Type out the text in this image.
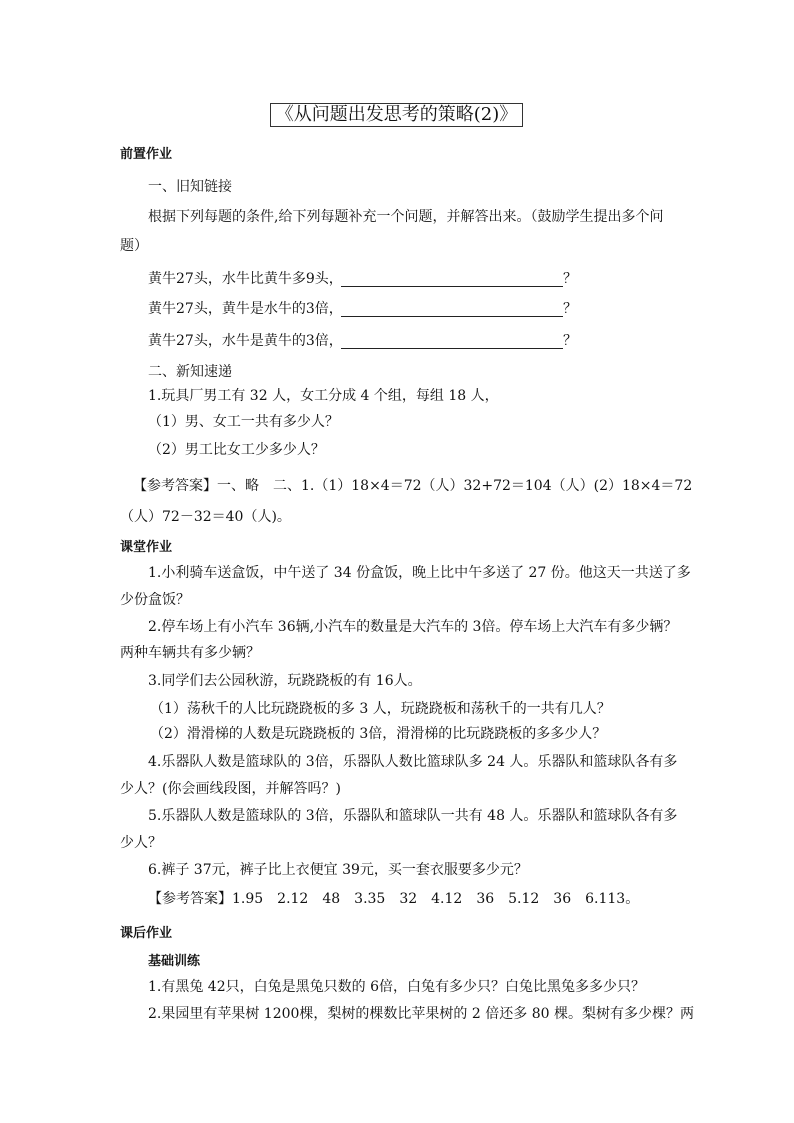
《从问题出发思考的策略(2)》
前置作业
一、旧知链接
根据下列每题的条件,给下列每题补充一个问题，并解答出来。（鼓励学生提出多个问
题）
黄牛27头，水牛比黄牛多9头，	？
黄牛27头，黄牛是水牛的3倍，	？
黄牛27头，水牛是黄牛的3倍，	？
二、新知速递
1.玩具厂男工有 32 人，女工分成 4 个组，每组 18 人，
（1）男、女工一共有多少人？
（2）男工比女工少多少人？
【参考答案】一、略　二、1.（1）18×4＝72（人）32+72＝104（人）(2）18×4＝72
（人）72－32＝40（人)。
课堂作业
1.小利骑车送盒饭，中午送了 34 份盒饭，晚上比中午多送了 27 份。他这天一共送了多
少份盒饭？
2.停车场上有小汽车 36辆,小汽车的数量是大汽车的 3倍。停车场上大汽车有多少辆？
两种车辆共有多少辆？
3.同学们去公园秋游，玩跷跷板的有 16人。
（1）荡秋千的人比玩跷跷板的多 3 人，玩跷跷板和荡秋千的一共有几人？
（2）滑滑梯的人数是玩跷跷板的 3倍，滑滑梯的比玩跷跷板的多多少人？
4.乐器队人数是篮球队的 3倍，乐器队人数比篮球队多 24 人。乐器队和篮球队各有多
少人？(你会画线段图，并解答吗？)
5.乐器队人数是篮球队的 3倍，乐器队和篮球队一共有 48 人。乐器队和篮球队各有多
少人？
6.裤子 37元，裤子比上衣便宜 39元，买一套衣服要多少元？
【参考答案】1.95　2.12　48　3.35　32　4.12　36　5.12　36　6.113。
课后作业
基础训练
1.有黑兔 42只，白兔是黑兔只数的 6倍，白兔有多少只？白兔比黑兔多多少只？
2.果园里有苹果树 1200棵，梨树的棵数比苹果树的 2 倍还多 80 棵。梨树有多少棵？两
